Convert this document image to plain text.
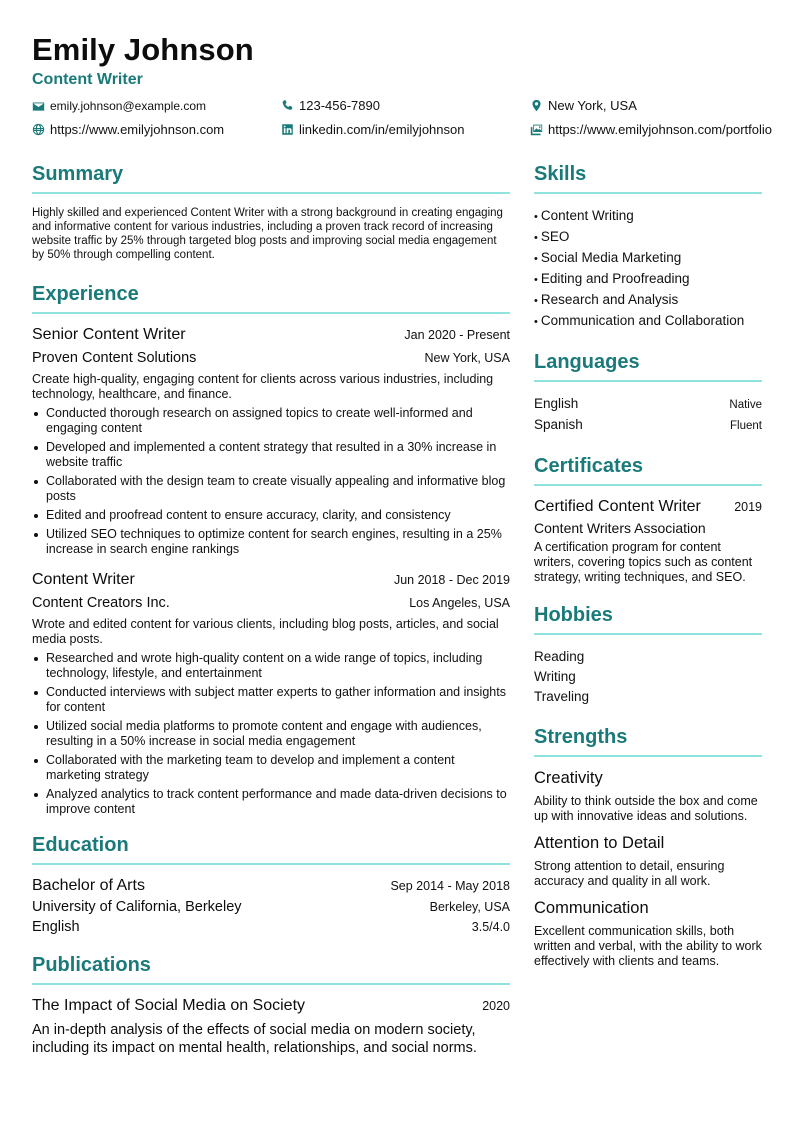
Emily Johnson
Content Writer
emily.johnson@example.com	123-456-7890	New York, USA
https://www.emilyjohnson.com	linkedin.com/in/emilyjohnson	https://www.emilyjohnson.com/portfolio
Summary
Highly skilled and experienced Content Writer with a strong background in creating engaging and informative content for various industries, including a proven track record of increasing website traffic by 25% through targeted blog posts and improving social media engagement by 50% through compelling content.
Experience
Senior Content Writer	Jan 2020 - Present
Proven Content Solutions	New York, USA
Create high-quality, engaging content for clients across various industries, including technology, healthcare, and finance.
Conducted thorough research on assigned topics to create well-informed and engaging content
Developed and implemented a content strategy that resulted in a 30% increase in website traffic
Collaborated with the design team to create visually appealing and informative blog posts
Edited and proofread content to ensure accuracy, clarity, and consistency
Utilized SEO techniques to optimize content for search engines, resulting in a 25% increase in search engine rankings
Content Writer	Jun 2018 - Dec 2019
Content Creators Inc.	Los Angeles, USA
Wrote and edited content for various clients, including blog posts, articles, and social media posts.
Researched and wrote high-quality content on a wide range of topics, including technology, lifestyle, and entertainment
Conducted interviews with subject matter experts to gather information and insights for content
Utilized social media platforms to promote content and engage with audiences, resulting in a 50% increase in social media engagement
Collaborated with the marketing team to develop and implement a content marketing strategy
Analyzed analytics to track content performance and made data-driven decisions to improve content
Education
Bachelor of Arts	Sep 2014 - May 2018
University of California, Berkeley	Berkeley, USA
English	3.5/4.0
Publications
The Impact of Social Media on Society	2020
An in-depth analysis of the effects of social media on modern society, including its impact on mental health, relationships, and social norms.
Skills
• Content Writing
• SEO
• Social Media Marketing
• Editing and Proofreading
• Research and Analysis
• Communication and Collaboration
Languages
English	Native
Spanish	Fluent
Certificates
Certified Content Writer	2019
Content Writers Association
A certification program for content writers, covering topics such as content strategy, writing techniques, and SEO.
Hobbies
Reading
Writing
Traveling
Strengths
Creativity
Ability to think outside the box and come up with innovative ideas and solutions.
Attention to Detail
Strong attention to detail, ensuring accuracy and quality in all work.
Communication
Excellent communication skills, both written and verbal, with the ability to work effectively with clients and teams.
